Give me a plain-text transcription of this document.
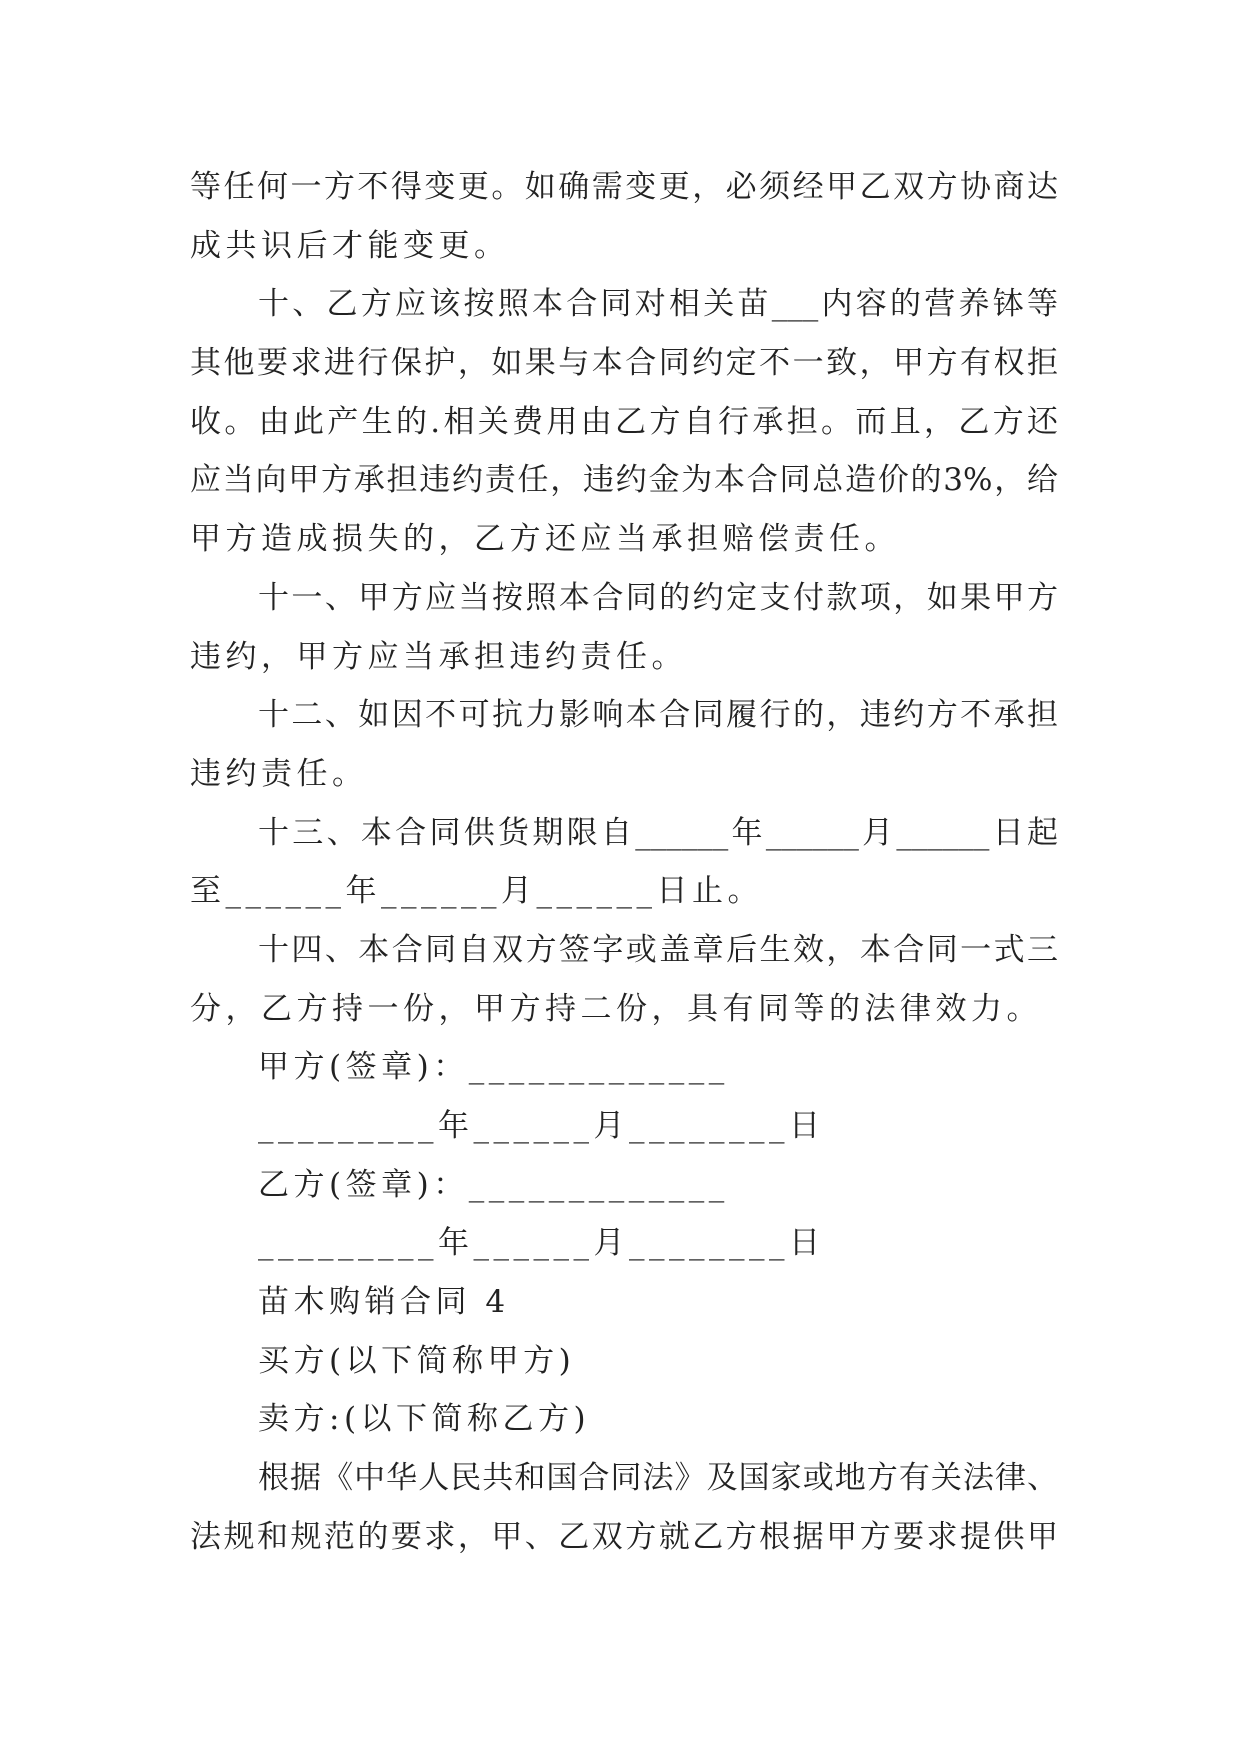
等任何一方不得变更。如确需变更，必须经甲乙双方协商达
成共识后才能变更。
十、乙方应该按照本合同对相关苗___内容的营养钵等
其他要求进行保护，如果与本合同约定不一致，甲方有权拒
收。由此产生的.相关费用由乙方自行承担。而且，乙方还
应当向甲方承担违约责任，违约金为本合同总造价的3%，给
甲方造成损失的，乙方还应当承担赔偿责任。
十一、甲方应当按照本合同的约定支付款项，如果甲方
违约，甲方应当承担违约责任。
十二、如因不可抗力影响本合同履行的，违约方不承担
违约责任。
十三、本合同供货期限自______年______月______日起
至______年______月______日止。
十四、本合同自双方签字或盖章后生效，本合同一式三
分，乙方持一份，甲方持二份，具有同等的法律效力。
甲方(签章)：_____________
_________年______月________日
乙方(签章)：_____________
_________年______月________日
苗木购销合同 4
买方(以下简称甲方)
卖方:(以下简称乙方)
根据《中华人民共和国合同法》及国家或地方有关法律、
法规和规范的要求，甲、乙双方就乙方根据甲方要求提供甲
